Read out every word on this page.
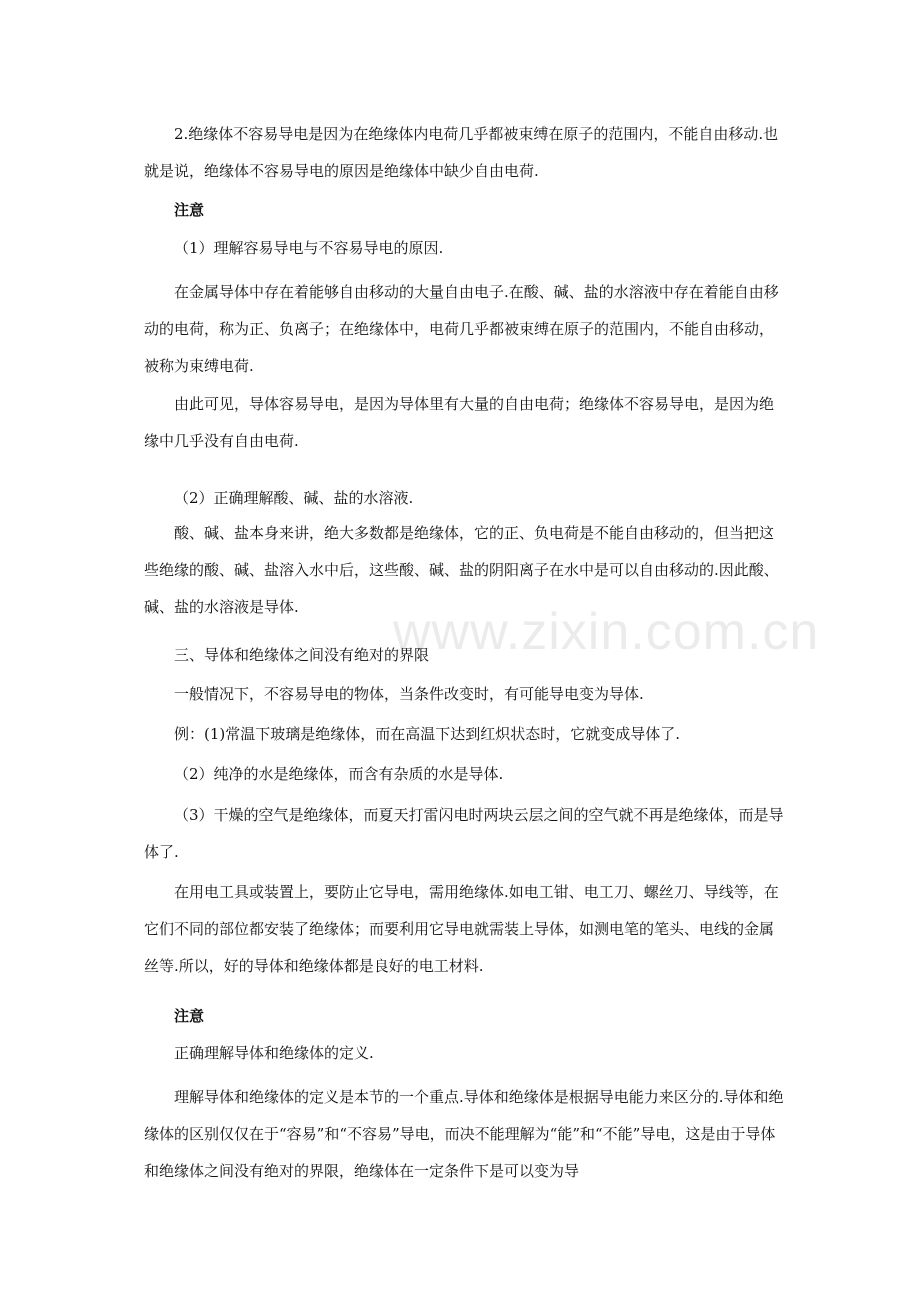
2.绝缘体不容易导电是因为在绝缘体内电荷几乎都被束缚在原子的范围内，不能自由移动.也就是说，绝缘体不容易导电的原因是绝缘体中缺少自由电荷.

注意

（1）理解容易导电与不容易导电的原因.

在金属导体中存在着能够自由移动的大量自由电子.在酸、碱、盐的水溶液中存在着能自由移动的电荷，称为正、负离子；在绝缘体中，电荷几乎都被束缚在原子的范围内，不能自由移动，被称为束缚电荷.

由此可见，导体容易导电，是因为导体里有大量的自由电荷；绝缘体不容易导电，是因为绝缘中几乎没有自由电荷.

（2）正确理解酸、碱、盐的水溶液.

酸、碱、盐本身来讲，绝大多数都是绝缘体，它的正、负电荷是不能自由移动的，但当把这些绝缘的酸、碱、盐溶入水中后，这些酸、碱、盐的阴阳离子在水中是可以自由移动的.因此酸、碱、盐的水溶液是导体.

三、导体和绝缘体之间没有绝对的界限

一般情况下，不容易导电的物体，当条件改变时，有可能导电变为导体.

例：(1)常温下玻璃是绝缘体，而在高温下达到红炽状态时，它就变成导体了.

（2）纯净的水是绝缘体，而含有杂质的水是导体.

（3）干燥的空气是绝缘体，而夏天打雷闪电时两块云层之间的空气就不再是绝缘体，而是导体了.

在用电工具或装置上，要防止它导电，需用绝缘体.如电工钳、电工刀、螺丝刀、导线等，在它们不同的部位都安装了绝缘体；而要利用它导电就需装上导体，如测电笔的笔头、电线的金属丝等.所以，好的导体和绝缘体都是良好的电工材料.

注意

正确理解导体和绝缘体的定义.

理解导体和绝缘体的定义是本节的一个重点.导体和绝缘体是根据导电能力来区分的.导体和绝缘体的区别仅仅在于“容易”和“不容易”导电，而决不能理解为“能”和“不能”导电，这是由于导体和绝缘体之间没有绝对的界限，绝缘体在一定条件下是可以变为导

www.zixin.com.cn
